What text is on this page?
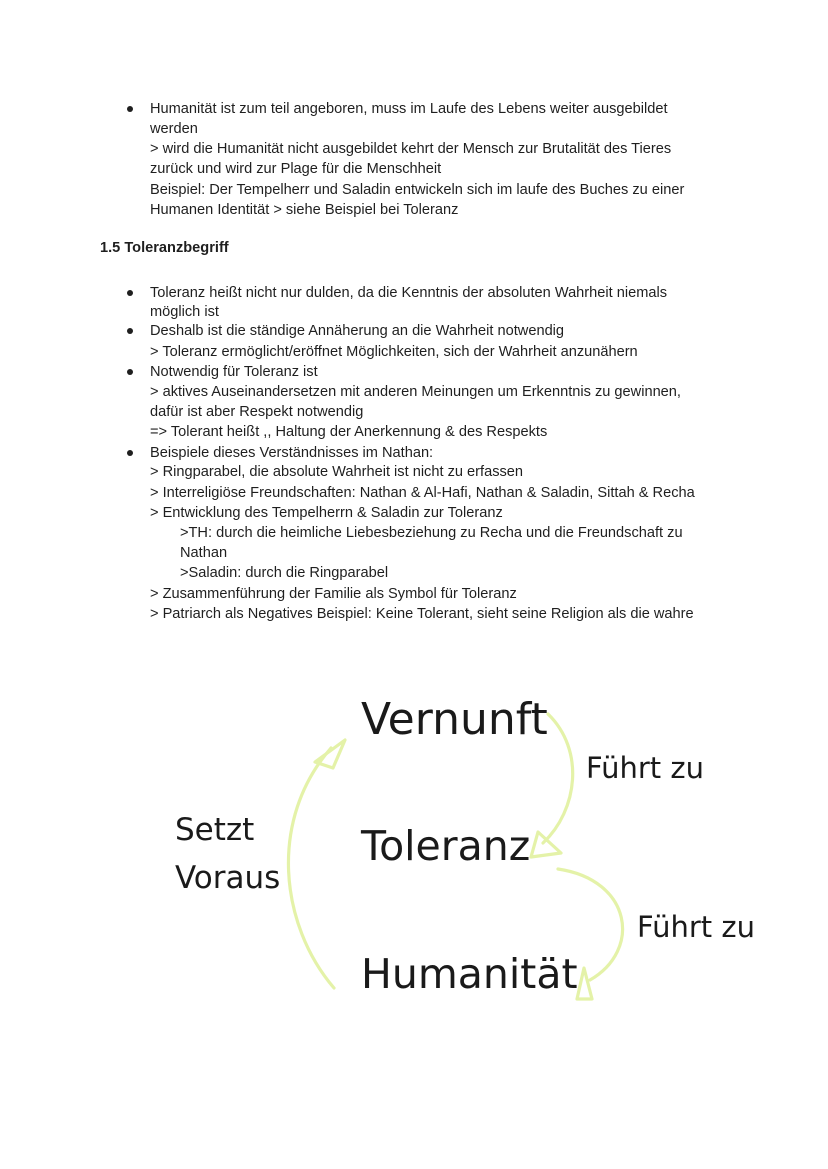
Humanität ist zum teil angeboren, muss im Laufe des Lebens weiter ausgebildet
werden
> wird die Humanität nicht ausgebildet kehrt der Mensch zur Brutalität des Tieres
zurück und wird zur Plage für die Menschheit
Beispiel: Der Tempelherr und Saladin entwickeln sich im laufe des Buches zu einer
Humanen Identität > siehe Beispiel bei Toleranz
1.5 Toleranzbegriff
Toleranz heißt nicht nur dulden, da die Kenntnis der absoluten Wahrheit niemals
möglich ist
Deshalb ist die ständige Annäherung an die Wahrheit notwendig
> Toleranz ermöglicht/eröffnet Möglichkeiten, sich der Wahrheit anzunähern
Notwendig für Toleranz ist
> aktives Auseinandersetzen mit anderen Meinungen um Erkenntnis zu gewinnen,
dafür ist aber Respekt notwendig
=> Tolerant heißt ,, Haltung der Anerkennung & des Respekts
Beispiele dieses Verständnisses im Nathan:
> Ringparabel, die absolute Wahrheit ist nicht zu erfassen
> Interreligiöse Freundschaften: Nathan & Al-Hafi, Nathan & Saladin, Sittah & Recha
> Entwicklung des Tempelherrn & Saladin zur Toleranz
>TH: durch die heimliche Liebesbeziehung zu Recha und die Freundschaft zu
Nathan
>Saladin: durch die Ringparabel
> Zusammenführung der Familie als Symbol für Toleranz
> Patriarch als Negatives Beispiel: Keine Tolerant, sieht seine Religion als die wahre
Vernunft
Toleranz
Humanität
Setzt
Voraus
Führt zu
Führt zu
